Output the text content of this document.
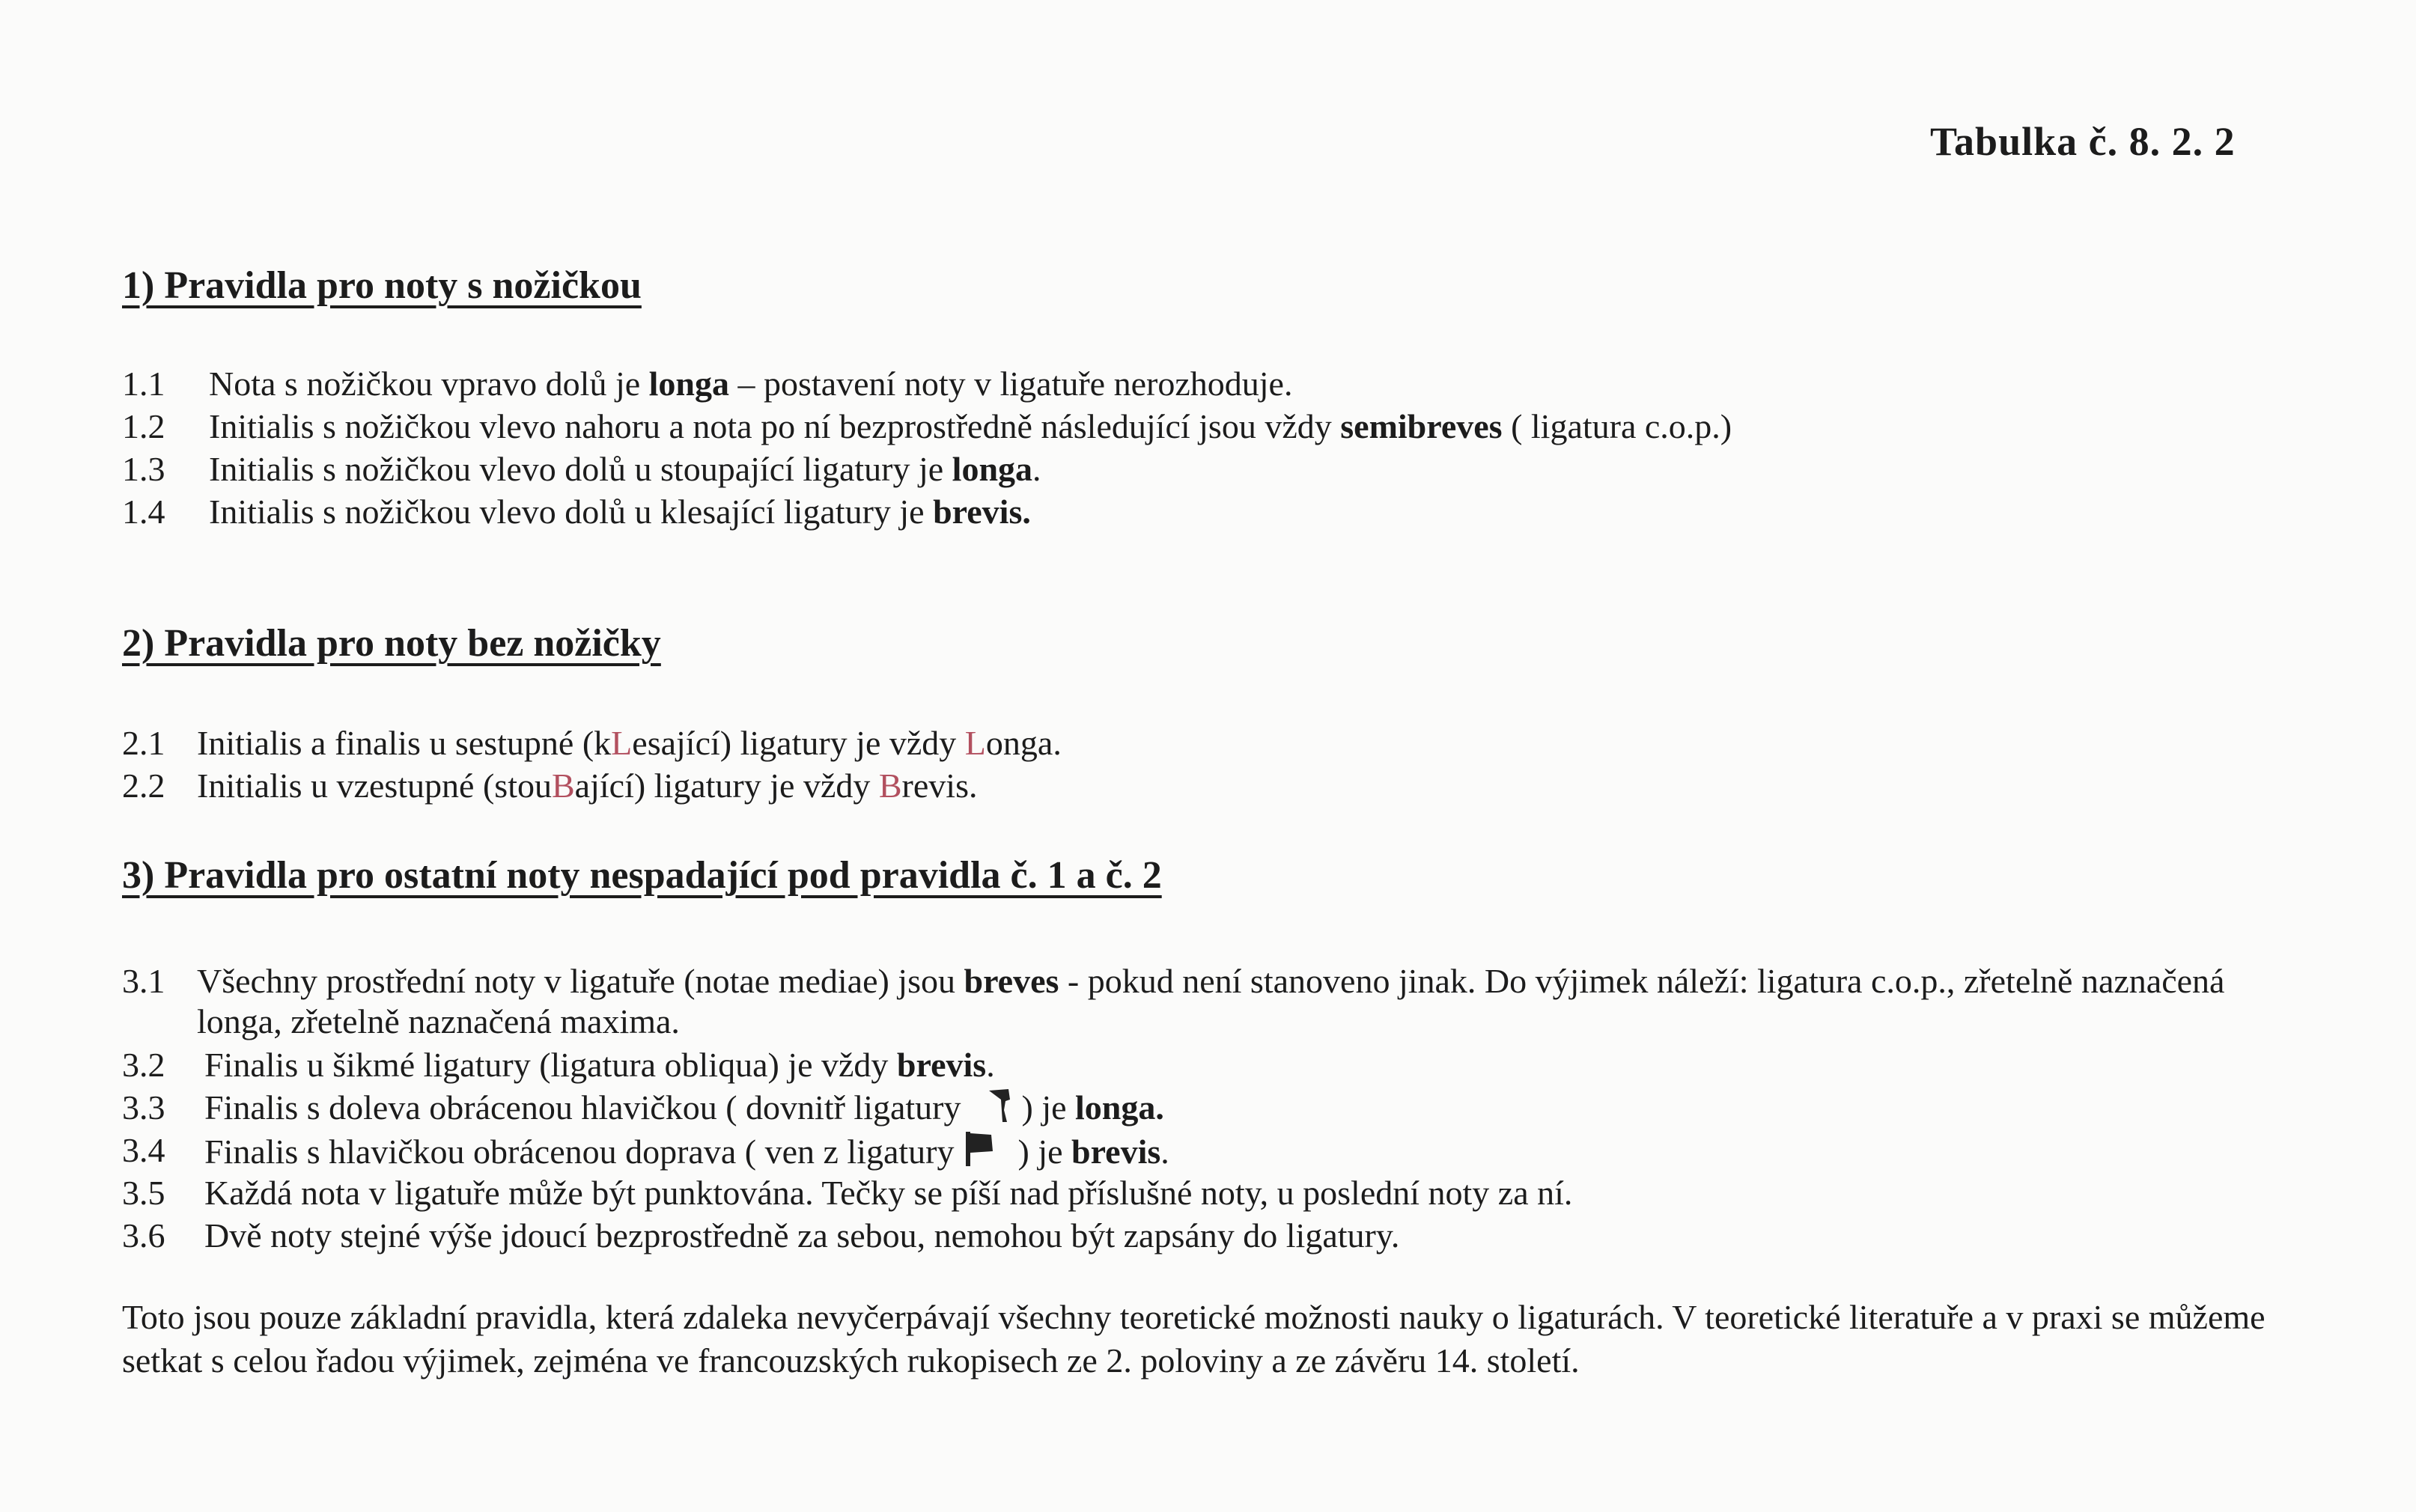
Tabulka č. 8. 2. 2
1) Pravidla pro noty s nožičkou
1.1	Nota s nožičkou vpravo dolů je longa – postavení noty v ligatuře nerozhoduje.
1.2	Initialis s nožičkou vlevo nahoru a nota po ní bezprostředně následující jsou vždy semibreves ( ligatura c.o.p.)
1.3	Initialis s nožičkou vlevo dolů u stoupající ligatury je longa.
1.4	Initialis s nožičkou vlevo dolů u klesající ligatury je brevis.
2) Pravidla pro noty bez nožičky
2.1 Initialis a finalis u sestupné (kLesající) ligatury je vždy Longa.
2.2 Initialis u vzestupné (stouBající) ligatury je vždy Brevis.
3) Pravidla pro ostatní noty nespadající pod pravidla č. 1 a č. 2
3.1 Všechny prostřední noty v ligatuře (notae mediae) jsou breves - pokud není stanoveno jinak. Do výjimek náleží: ligatura c.o.p., zřetelně naznačená longa, zřetelně naznačená maxima.
3.2	Finalis u šikmé ligatury (ligatura obliqua) je vždy brevis.
3.3	Finalis s doleva obrácenou hlavičkou ( dovnitř ligatury  ) je longa.
3.4	Finalis s hlavičkou obrácenou doprava ( ven z ligatury  ) je brevis.
3.5	Každá nota v ligatuře může být punktována. Tečky se píší nad příslušné noty, u poslední noty za ní.
3.6	Dvě noty stejné výše jdoucí bezprostředně za sebou, nemohou být zapsány do ligatury.
Toto jsou pouze základní pravidla, která zdaleka nevyčerpávají všechny teoretické možnosti nauky o ligaturách. V teoretické literatuře a v praxi se můžeme setkat s celou řadou výjimek, zejména ve francouzských rukopisech ze 2. poloviny a ze závěru 14. století.
